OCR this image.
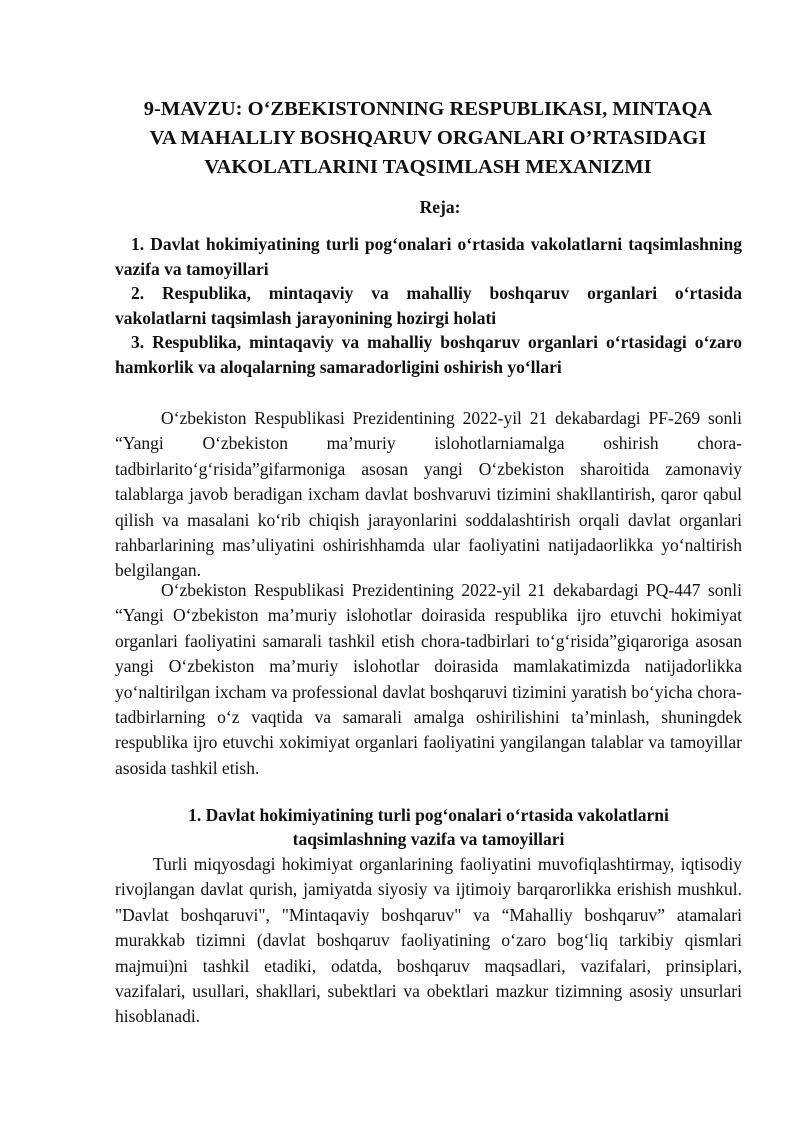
9-MAVZU: O‘ZBEKISTONNING RESPUBLIKASI, MINTAQA
VA MAHALLIY BOSHQARUV ORGANLARI O’RTASIDAGI
VAKOLATLARINI TAQSIMLASH MEXANIZMI
Reja:
1. Davlat hokimiyatining turli pog‘onalari o‘rtasida vakolatlarni taqsimlashning vazifa va tamoyillari
2. Respublika, mintaqaviy va mahalliy boshqaruv organlari o‘rtasida vakolatlarni taqsimlash jarayonining hozirgi holati
3. Respublika, mintaqaviy va mahalliy boshqaruv organlari o‘rtasidagi o‘zaro hamkorlik va aloqalarning samaradorligini oshirish yo‘llari

O‘zbekiston Respublikasi Prezidentining 2022-yil 21 dekabardagi PF-269 sonli “Yangi O‘zbekiston ma’muriy islohotlarniamalga oshirish chora-tadbirlarito‘g‘risida”gifarmoniga asosan yangi O‘zbekiston sharoitida zamonaviy talablarga javob beradigan ixcham davlat boshvaruvi tizimini shakllantirish, qaror qabul qilish va masalani ko‘rib chiqish jarayonlarini soddalashtirish orqali davlat organlari rahbarlarining mas’uliyatini oshirishhamda ular faoliyatini natijadaorlikka yo‘naltirish belgilangan.

O‘zbekiston Respublikasi Prezidentining 2022-yil 21 dekabardagi PQ-447 sonli “Yangi O‘zbekiston ma’muriy islohotlar doirasida respublika ijro etuvchi hokimiyat organlari faoliyatini samarali tashkil etish chora-tadbirlari to‘g‘risida”giqaroriga asosan yangi O‘zbekiston ma’muriy islohotlar doirasida mamlakatimizda natijadorlikka yo‘naltirilgan ixcham va professional davlat boshqaruvi tizimini yaratish bo‘yicha chora-tadbirlarning o‘z vaqtida va samarali amalga oshirilishini ta’minlash, shuningdek respublika ijro etuvchi xokimiyat organlari faoliyatini yangilangan talablar va tamoyillar asosida tashkil etish.

1. Davlat hokimiyatining turli pog‘onalari o‘rtasida vakolatlarni
taqsimlashning vazifa va tamoyillari

Turli miqyosdagi hokimiyat organlarining faoliyatini muvofiqlashtirmay, iqtisodiy rivojlangan davlat qurish, jamiyatda siyosiy va ijtimoiy barqarorlikka erishish mushkul. "Davlat boshqaruvi", "Mintaqaviy boshqaruv" va “Mahalliy boshqaruv” atamalari murakkab tizimni (davlat boshqaruv faoliyatining o‘zaro bog‘liq tarkibiy qismlari majmui)ni tashkil etadiki, odatda, boshqaruv maqsadlari, vazifalari, prinsiplari, vazifalari, usullari, shakllari, subektlari va obektlari mazkur tizimning asosiy unsurlari hisoblanadi.
